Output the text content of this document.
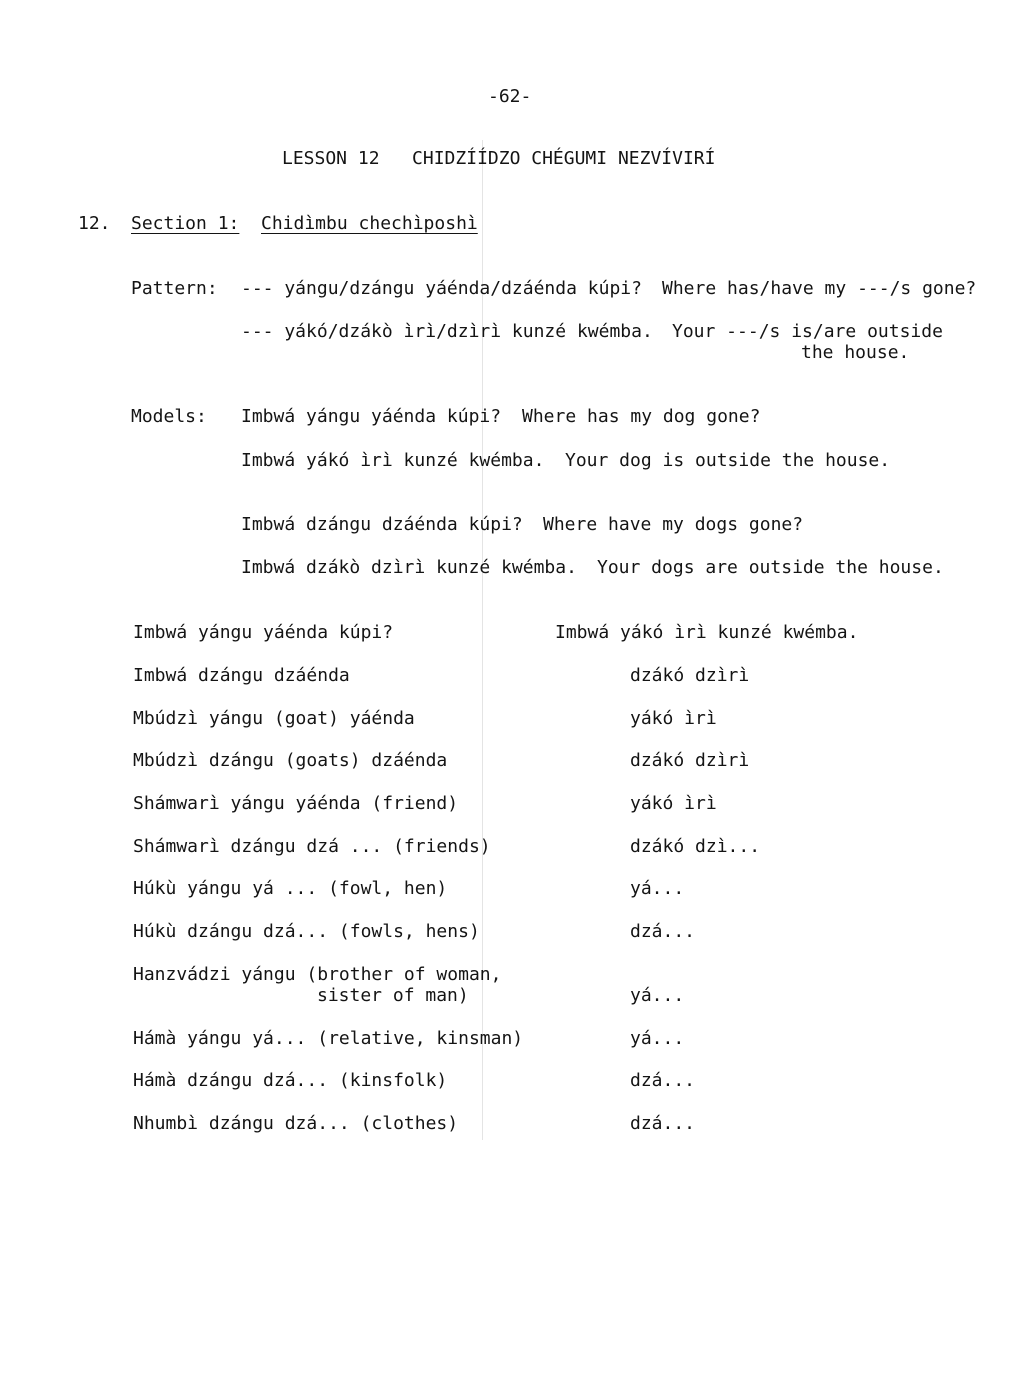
-62-
LESSON 12   CHIDZÍÍDZO CHÉGUMI NEZVÍVIRÍ
12. Section 1: Chidìmbu chechìposhì
Pattern: --- yángu/dzángu yáénda/dzáénda kúpi? Where has/have my ---/s gone?
--- yákó/dzákò ìrì/dzìrì kunzé kwémba. Your ---/s is/are outside
the house.
Models: Imbwá yángu yáénda kúpi? Where has my dog gone?
Imbwá yákó ìrì kunzé kwémba. Your dog is outside the house.
Imbwá dzángu dzáénda kúpi? Where have my dogs gone?
Imbwá dzákò dzìrì kunzé kwémba. Your dogs are outside the house.
Imbwá yángu yáénda kúpi?	Imbwá yákó ìrì kunzé kwémba.
Imbwá dzángu dzáénda	dzákó dzìrì
Mbúdzì yángu (goat) yáénda	yákó ìrì
Mbúdzì dzángu (goats) dzáénda	dzákó dzìrì
Shámwarì yángu yáénda (friend)	yákó ìrì
Shámwarì dzángu dzá ... (friends)	dzákó dzì...
Húkù yángu yá ... (fowl, hen)	yá...
Húkù dzángu dzá... (fowls, hens)	dzá...
Hanzvádzi yángu (brother of woman,
sister of man)	yá...
Hámà yángu yá... (relative, kinsman)	yá...
Hámà dzángu dzá... (kinsfolk)	dzá...
Nhumbì dzángu dzá... (clothes)	dzá...
